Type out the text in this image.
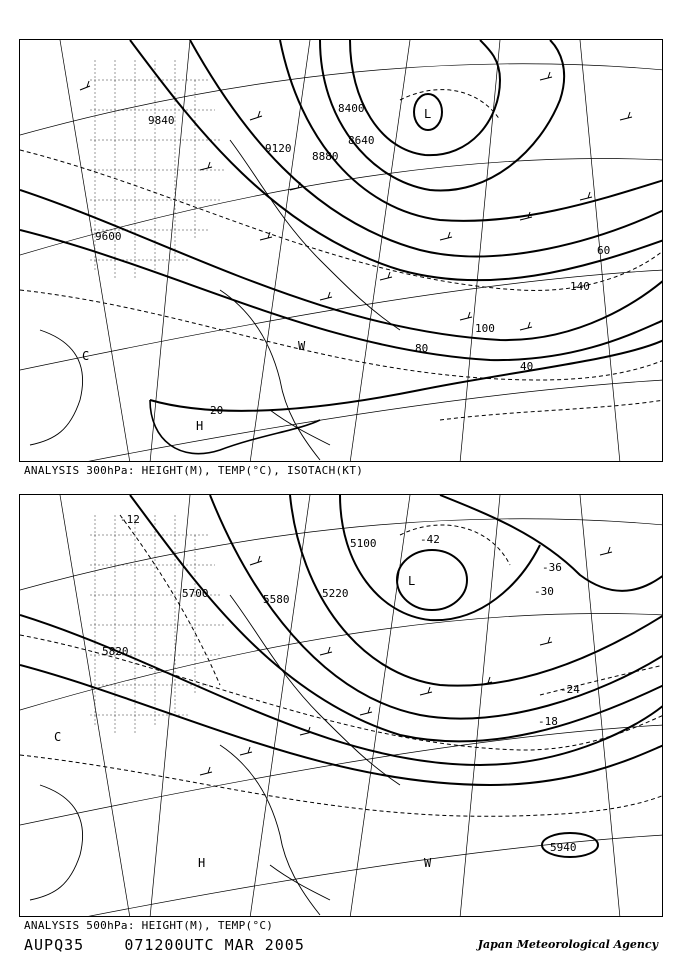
9600
9840
9120
8880
8640
8400
20
40
60
80
100
140
L
H
W
C
ANALYSIS 300hPa: HEIGHT(M), TEMP(°C), ISOTACH(KT)
5100
5220
5580
5700
5820
5940
-12
-18
-24
-30
-36
-42
L
H	W
C
ANALYSIS 500hPa: HEIGHT(M), TEMP(°C)
AUPQ35	071200UTC MAR 2005	Japan Meteorological Agency
